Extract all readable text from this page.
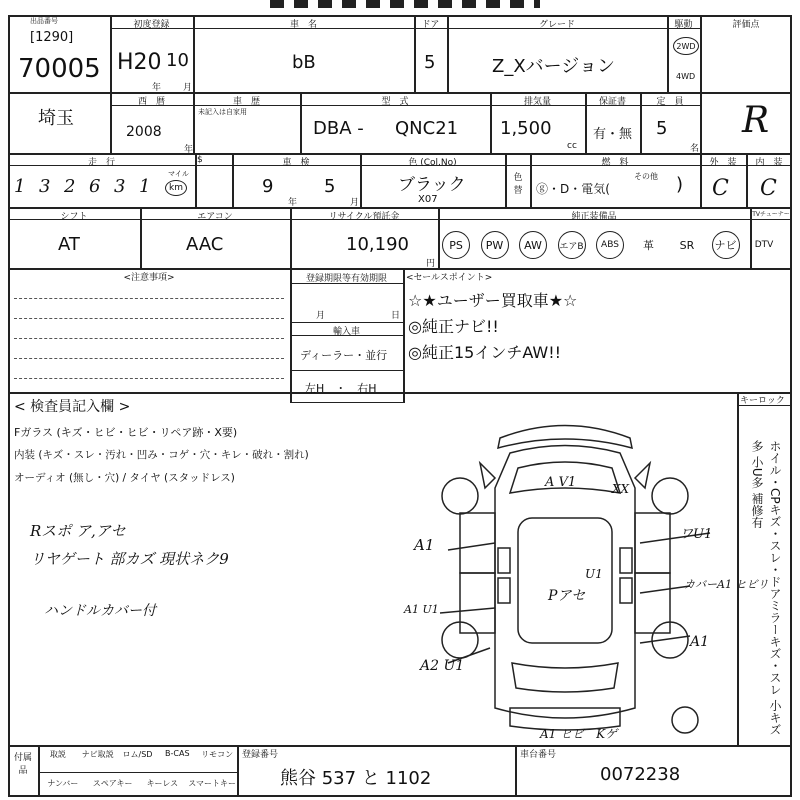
出品番号
[1290]
70005
初度登録
H20 10
年 月
車　名
bB
ドア
5
グレード
Z_Xバージョン
駆動
2WD
4WD
評価点
R
埼玉
西　暦
2008
年
車　歴
未記入は自家用
型　式
DBA - QNC21
排気量
1,500
cc
保証書
有・無
定　員
5
名
走　行	$
1 3 2 6 3 1
マイル
km
車　検
9
年
5
月
色 (Col.No)
ブラック
X07
色替
燃　料
ⓖ・D・電気(
その他 )
外　装
C
内　装
C
シフト
AT
エアコン
AAC
リサイクル預託金
10,190
円
純正装備品	TVチューナー
PS	PW	AW	エアB	ABS	革	SR	ナビ	DTV
<注意事項>	登録期限等有効期限
月	日
輸入車
ディーラー・並行
左H　・　右H
<セールスポイント>
☆★ユーザー買取車★☆
◎純正ナビ!!
◎純正15インチAW!!
< 検査員記入欄 >	キーロック
Fガラス (キズ・ヒビ・ヒビ・リペア跡・X要)
内装 (キズ・スレ・汚れ・凹み・コゲ・穴・キレ・破れ・割れ)
オーディオ (無し・穴) / タイヤ (スタッドレス)
Rスポ ア,アセ
リヤゲート 部カズ 現状ネク9
ハンドルカバー付	ホイル・CPキズ・スレ・ドアミラーキズ・スレ 小キズ多 小U多 補修有
A V1	XX
A1
A1 U1
A2 U1
Pアセ
U1
ワU1
カバーA1 ヒビリ
A1
A1 ヒビ　Kゲ
付属品
取説	ナビ取説	ロム/SD	B-CAS	リモコン
ナンバー	スペアキー	キーレス	スマートキー
登録番号
熊谷 537 と 1102
車台番号
0072238
